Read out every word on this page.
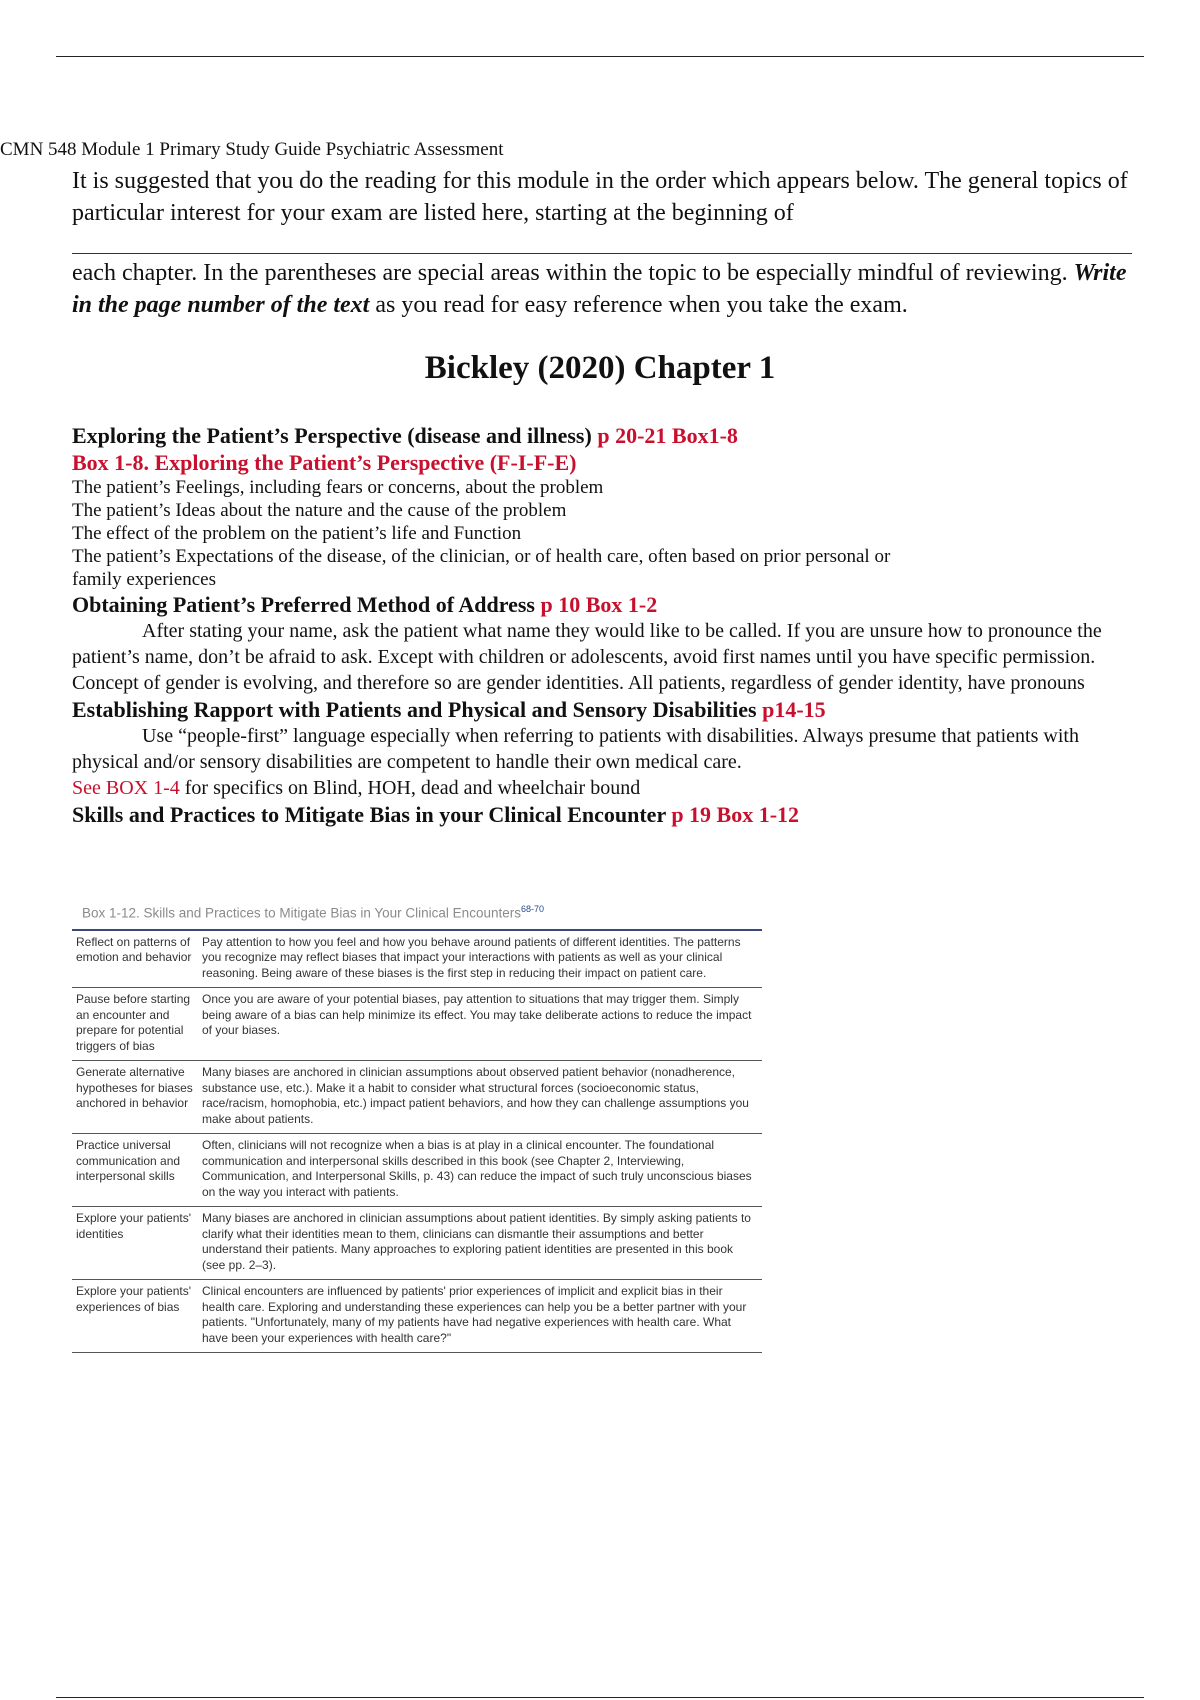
CMN 548 Module 1 Primary Study Guide Psychiatric Assessment

It is suggested that you do the reading for this module in the order which appears below. The general topics of particular interest for your exam are listed here, starting at the beginning of

each chapter. In the parentheses are special areas within the topic to be especially mindful of reviewing. Write in the page number of the text as you read for easy reference when you take the exam.

Bickley (2020) Chapter 1

Exploring the Patient’s Perspective (disease and illness) p 20-21 Box1-8

Box 1-8. Exploring the Patient’s Perspective (F-I-F-E)

The patient’s Feelings, including fears or concerns, about the problem

The patient’s Ideas about the nature and the cause of the problem

The effect of the problem on the patient’s life and Function

The patient’s Expectations of the disease, of the clinician, or of health care, often based on prior personal or family experiences

Obtaining Patient’s Preferred Method of Address p 10 Box 1-2

After stating your name, ask the patient what name they would like to be called. If you are unsure how to pronounce the patient’s name, don’t be afraid to ask. Except with children or adolescents, avoid first names until you have specific permission. Concept of gender is evolving, and therefore so are gender identities. All patients, regardless of gender identity, have pronouns

Establishing Rapport with Patients and Physical and Sensory Disabilities p14-15

Use “people-first” language especially when referring to patients with disabilities. Always presume that patients with physical and/or sensory disabilities are competent to handle their own medical care.

See BOX 1-4 for specifics on Blind, HOH, dead and wheelchair bound

Skills and Practices to Mitigate Bias in your Clinical Encounter p 19 Box 1-12

Box 1-12. Skills and Practices to Mitigate Bias in Your Clinical Encounters$^{68-70}$

Reflect on patterns of emotion and behavior	Pay attention to how you feel and how you behave around patients of different identities. The patterns you recognize may reflect biases that impact your interactions with patients as well as your clinical reasoning. Being aware of these biases is the first step in reducing their impact on patient care.
Pause before starting an encounter and prepare for potential triggers of bias	Once you are aware of your potential biases, pay attention to situations that may trigger them. Simply being aware of a bias can help minimize its effect. You may take deliberate actions to reduce the impact of your biases.
Generate alternative hypotheses for biases anchored in behavior	Many biases are anchored in clinician assumptions about observed patient behavior (nonadherence, substance use, etc.). Make it a habit to consider what structural forces (socioeconomic status, race/racism, homophobia, etc.) impact patient behaviors, and how they can challenge assumptions you make about patients.
Practice universal communication and interpersonal skills	Often, clinicians will not recognize when a bias is at play in a clinical encounter. The foundational communication and interpersonal skills described in this book (see Chapter 2, Interviewing, Communication, and Interpersonal Skills, p. 43) can reduce the impact of such truly unconscious biases on the way you interact with patients.
Explore your patients' identities	Many biases are anchored in clinician assumptions about patient identities. By simply asking patients to clarify what their identities mean to them, clinicians can dismantle their assumptions and better understand their patients. Many approaches to exploring patient identities are presented in this book (see pp. 2–3).
Explore your patients' experiences of bias	Clinical encounters are influenced by patients' prior experiences of implicit and explicit bias in their health care. Exploring and understanding these experiences can help you be a better partner with your patients. "Unfortunately, many of my patients have had negative experiences with health care. What have been your experiences with health care?"
